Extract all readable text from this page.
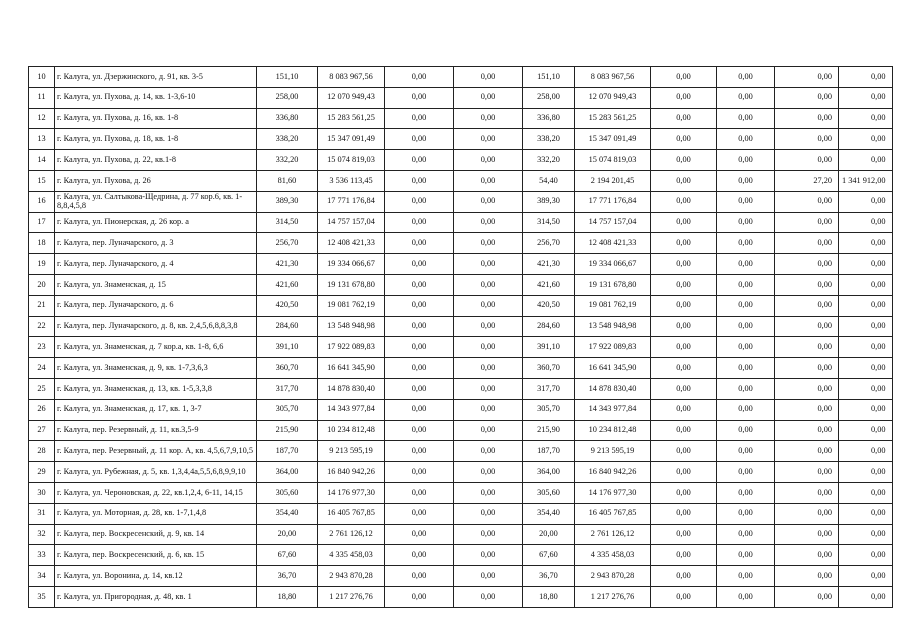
10	г. Калуга, ул. Дзержинского, д. 91, кв. 3-5	151,10	8 083 967,56	0,00	0,00	151,10	8 083 967,56	0,00	0,00	0,00	0,00
11	г. Калуга, ул. Пухова, д. 14, кв. 1-3,6-10	258,00	12 070 949,43	0,00	0,00	258,00	12 070 949,43	0,00	0,00	0,00	0,00
12	г. Калуга, ул. Пухова, д. 16, кв. 1-8	336,80	15 283 561,25	0,00	0,00	336,80	15 283 561,25	0,00	0,00	0,00	0,00
13	г. Калуга, ул. Пухова, д. 18, кв. 1-8	338,20	15 347 091,49	0,00	0,00	338,20	15 347 091,49	0,00	0,00	0,00	0,00
14	г. Калуга, ул. Пухова, д. 22, кв.1-8	332,20	15 074 819,03	0,00	0,00	332,20	15 074 819,03	0,00	0,00	0,00	0,00
15	г. Калуга, ул. Пухова, д. 26	81,60	3 536 113,45	0,00	0,00	54,40	2 194 201,45	0,00	0,00	27,20	1 341 912,00
16	г. Калуга, ул. Салтыкова-Щедрина, д. 77 кор.6, кв. 1-8,8,4,5,8	389,30	17 771 176,84	0,00	0,00	389,30	17 771 176,84	0,00	0,00	0,00	0,00
17	г. Калуга, ул. Пионерская, д. 26 кор. а	314,50	14 757 157,04	0,00	0,00	314,50	14 757 157,04	0,00	0,00	0,00	0,00
18	г. Калуга, пер. Луначарского, д. 3	256,70	12 408 421,33	0,00	0,00	256,70	12 408 421,33	0,00	0,00	0,00	0,00
19	г. Калуга, пер. Луначарского, д. 4	421,30	19 334 066,67	0,00	0,00	421,30	19 334 066,67	0,00	0,00	0,00	0,00
20	г. Калуга, ул. Знаменская, д. 15	421,60	19 131 678,80	0,00	0,00	421,60	19 131 678,80	0,00	0,00	0,00	0,00
21	г. Калуга, пер. Луначарского, д. 6	420,50	19 081 762,19	0,00	0,00	420,50	19 081 762,19	0,00	0,00	0,00	0,00
22	г. Калуга, пер. Луначарского, д. 8, кв. 2,4,5,6,8,8,3,8	284,60	13 548 948,98	0,00	0,00	284,60	13 548 948,98	0,00	0,00	0,00	0,00
23	г. Калуга, ул. Знаменская, д. 7 кор.а, кв. 1-8, 6,6	391,10	17 922 089,83	0,00	0,00	391,10	17 922 089,83	0,00	0,00	0,00	0,00
24	г. Калуга, ул. Знаменская, д. 9, кв. 1-7,3,6,3	360,70	16 641 345,90	0,00	0,00	360,70	16 641 345,90	0,00	0,00	0,00	0,00
25	г. Калуга, ул. Знаменская, д. 13, кв. 1-5,3,3,8	317,70	14 878 830,40	0,00	0,00	317,70	14 878 830,40	0,00	0,00	0,00	0,00
26	г. Калуга, ул. Знаменская, д. 17, кв. 1, 3-7	305,70	14 343 977,84	0,00	0,00	305,70	14 343 977,84	0,00	0,00	0,00	0,00
27	г. Калуга, пер. Резервный, д. 11, кв.3,5-9	215,90	10 234 812,48	0,00	0,00	215,90	10 234 812,48	0,00	0,00	0,00	0,00
28	г. Калуга, пер. Резервный, д. 11 кор. А, кв. 4,5,6,7,9,10,5	187,70	9 213 595,19	0,00	0,00	187,70	9 213 595,19	0,00	0,00	0,00	0,00
29	г. Калуга, ул. Рубежная, д. 5, кв. 1,3,4,4а,5,5,6,8,9,9,10	364,00	16 840 942,26	0,00	0,00	364,00	16 840 942,26	0,00	0,00	0,00	0,00
30	г. Калуга, ул. Чероновская, д. 22, кв.1,2,4, 6-11, 14,15	305,60	14 176 977,30	0,00	0,00	305,60	14 176 977,30	0,00	0,00	0,00	0,00
31	г. Калуга, ул. Моторная, д. 28, кв. 1-7,1,4,8	354,40	16 405 767,85	0,00	0,00	354,40	16 405 767,85	0,00	0,00	0,00	0,00
32	г. Калуга, пер. Воскресенский, д. 9, кв. 14	20,00	2 761 126,12	0,00	0,00	20,00	2 761 126,12	0,00	0,00	0,00	0,00
33	г. Калуга, пер. Воскресенский, д. 6, кв. 15	67,60	4 335 458,03	0,00	0,00	67,60	4 335 458,03	0,00	0,00	0,00	0,00
34	г. Калуга, ул. Воронина, д. 14, кв.12	36,70	2 943 870,28	0,00	0,00	36,70	2 943 870,28	0,00	0,00	0,00	0,00
35	г. Калуга, ул. Пригородная, д. 48, кв. 1	18,80	1 217 276,76	0,00	0,00	18,80	1 217 276,76	0,00	0,00	0,00	0,00
